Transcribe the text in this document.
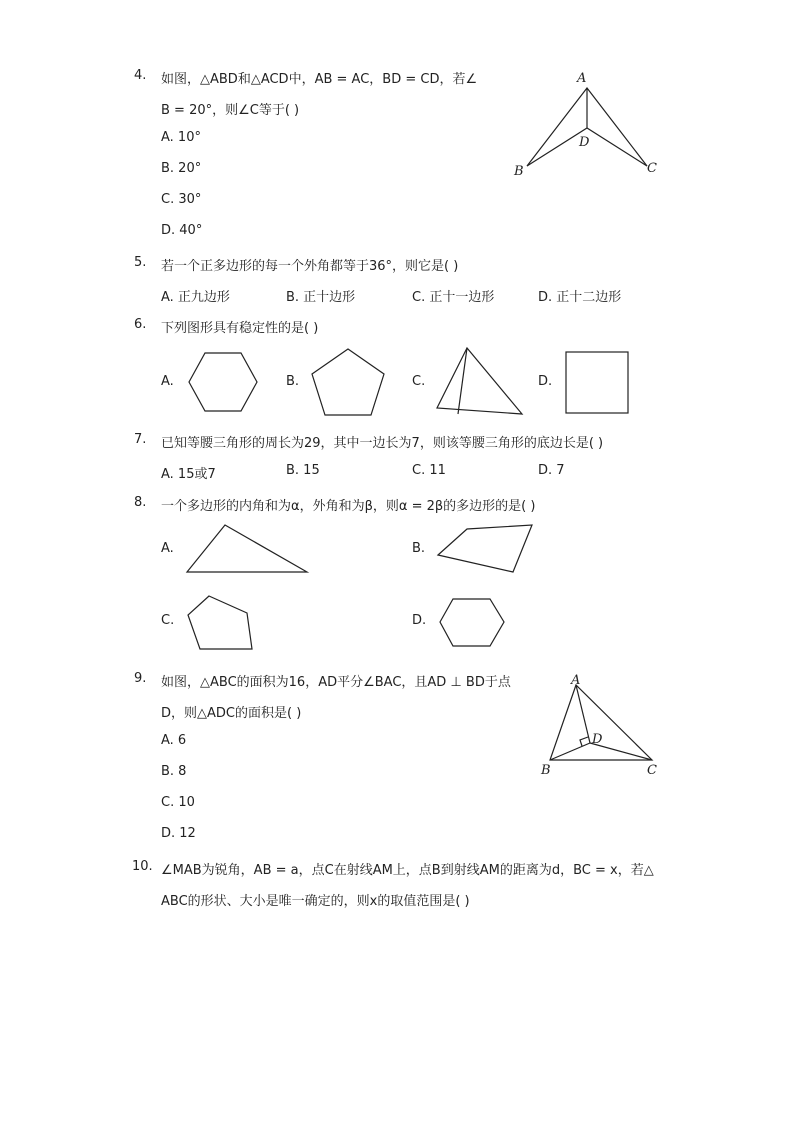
4. 如图，△ABD和△ACD中，AB = AC，BD = CD，若∠
B = 20°，则∠C等于( )
A. 10°
B. 20°
C. 30°
D. 40°
A
B	C
D
5. 若一个正多边形的每一个外角都等于36°，则它是( )
A. 正九边形	B. 正十边形	C. 正十一边形	D. 正十二边形
6. 下列图形具有稳定性的是( )
A.	B.	C.	D.
7. 已知等腰三角形的周长为29，其中一边长为7，则该等腰三角形的底边长是( )
A. 15或7	B. 15	C. 11	D. 7
8. 一个多边形的内角和为α，外角和为β，则α = 2β的多边形的是( )
A.	B.
C.	D.
9. 如图，△ABC的面积为16，AD平分∠BAC，且AD ⊥ BD于点
D，则△ADC的面积是( )
A. 6
B. 8
C. 10
D. 12
A
B	C
D
10. ∠MAB为锐角，AB = a，点C在射线AM上，点B到射线AM的距离为d，BC = x，若△
ABC的形状、大小是唯一确定的，则x的取值范围是( )
